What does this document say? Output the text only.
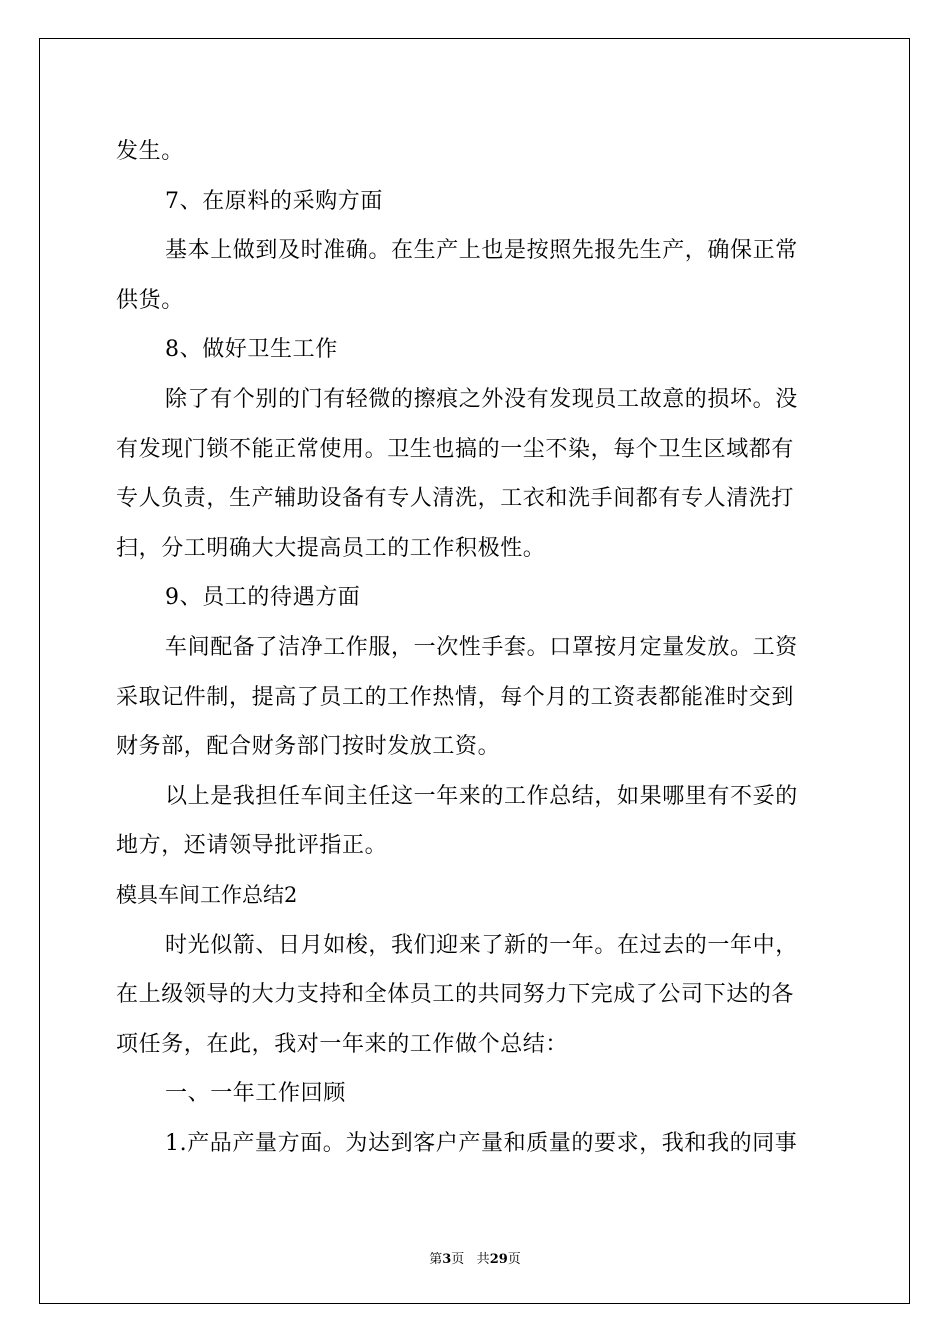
发生。
7、在原料的采购方面
基本上做到及时准确。在生产上也是按照先报先生产，确保正常
供货。
8、做好卫生工作
除了有个别的门有轻微的擦痕之外没有发现员工故意的损坏。没
有发现门锁不能正常使用。卫生也搞的一尘不染，每个卫生区域都有
专人负责，生产辅助设备有专人清洗，工衣和洗手间都有专人清洗打
扫，分工明确大大提高员工的工作积极性。
9、员工的待遇方面
车间配备了洁净工作服，一次性手套。口罩按月定量发放。工资
采取记件制，提高了员工的工作热情，每个月的工资表都能准时交到
财务部，配合财务部门按时发放工资。
以上是我担任车间主任这一年来的工作总结，如果哪里有不妥的
地方，还请领导批评指正。
模具车间工作总结2
时光似箭、日月如梭，我们迎来了新的一年。在过去的一年中，
在上级领导的大力支持和全体员工的共同努力下完成了公司下达的各
项任务，在此，我对一年来的工作做个总结：
一、一年工作回顾
1.产品产量方面。为达到客户产量和质量的要求，我和我的同事
第3页 共29页
